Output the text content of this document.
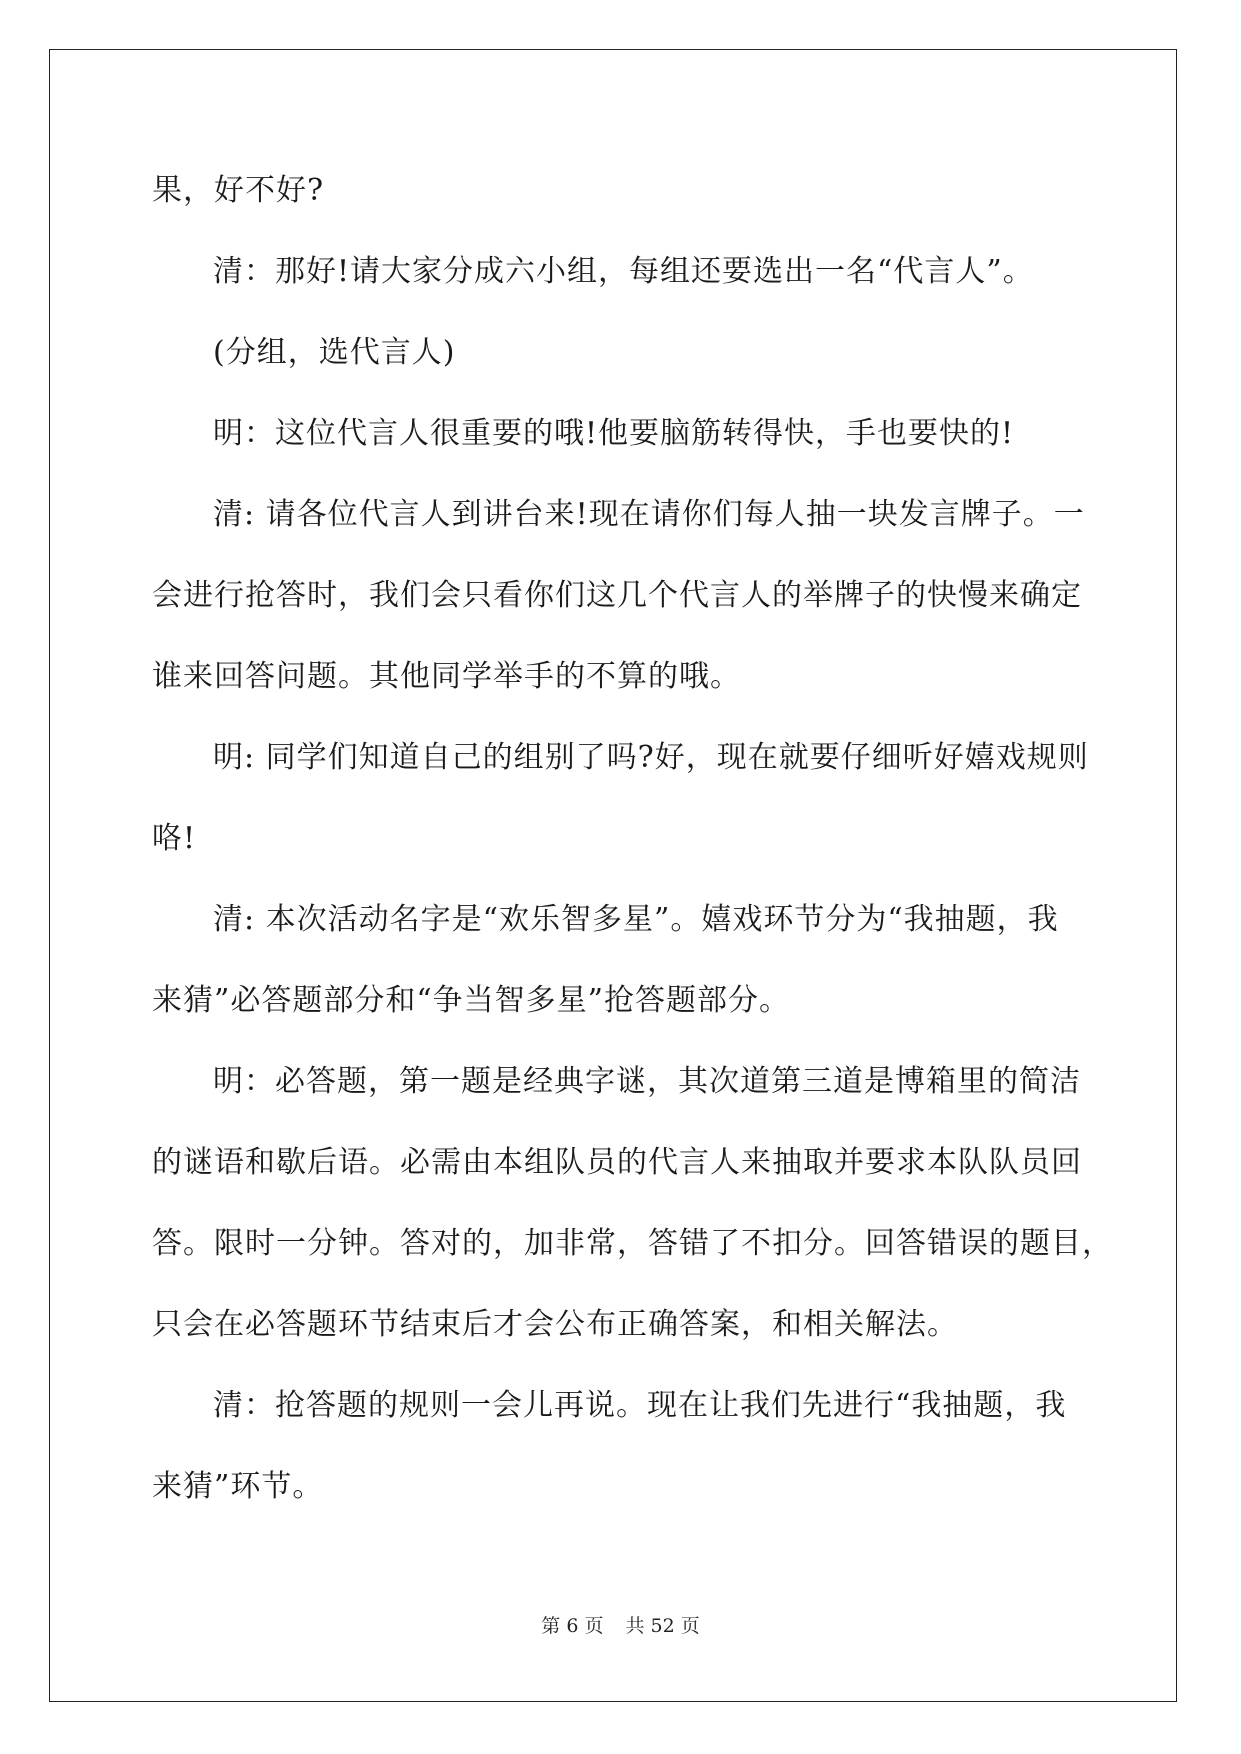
果，好不好?

清：那好!请大家分成六小组，每组还要选出一名“代言人”。

(分组，选代言人)

明：这位代言人很重要的哦!他要脑筋转得快，手也要快的!

清: 请各位代言人到讲台来!现在请你们每人抽一块发言牌子。一

会进行抢答时，我们会只看你们这几个代言人的举牌子的快慢来确定

谁来回答问题。其他同学举手的不算的哦。

明: 同学们知道自己的组别了吗?好，现在就要仔细听好嬉戏规则

咯!

清: 本次活动名字是“欢乐智多星”。嬉戏环节分为“我抽题，我

来猜”必答题部分和“争当智多星”抢答题部分。

明：必答题，第一题是经典字谜，其次道第三道是博箱里的简洁

的谜语和歇后语。必需由本组队员的代言人来抽取并要求本队队员回

答。限时一分钟。答对的，加非常，答错了不扣分。回答错误的题目，

只会在必答题环节结束后才会公布正确答案，和相关解法。

清：抢答题的规则一会儿再说。现在让我们先进行“我抽题，我

来猜”环节。

第 6 页 共 52 页
